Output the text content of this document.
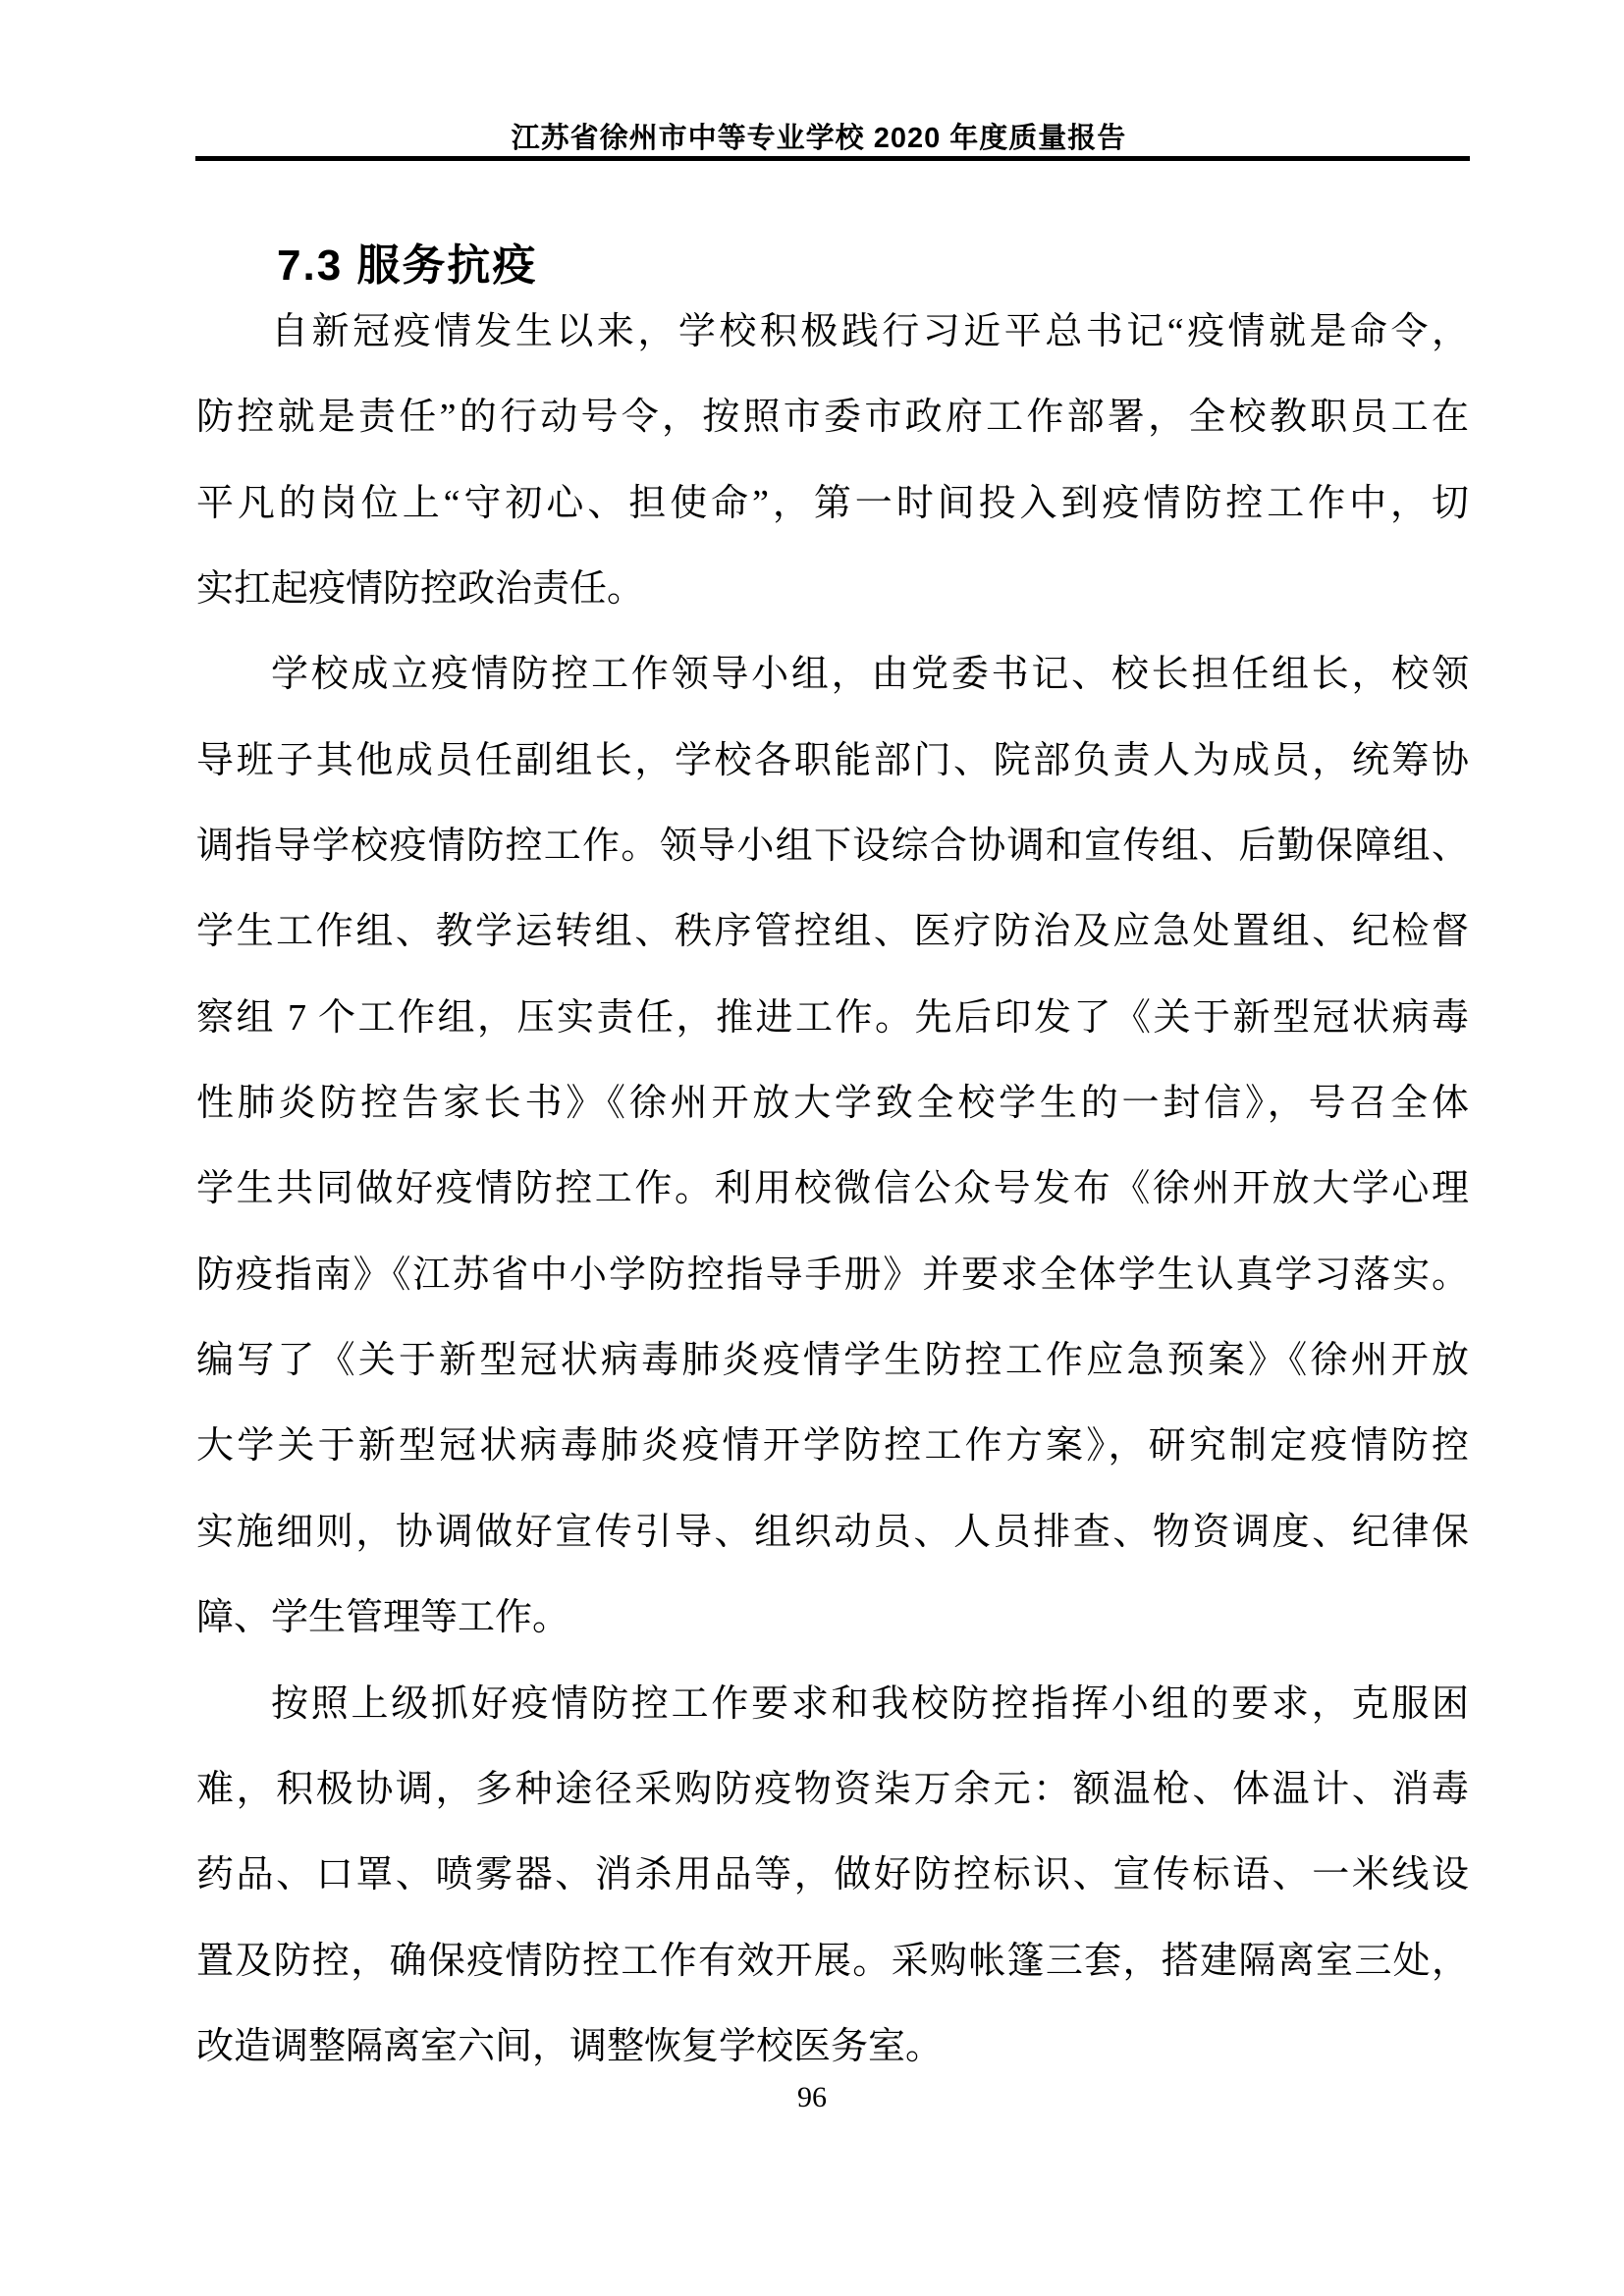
江苏省徐州市中等专业学校 2020 年度质量报告
7.3 服务抗疫
自新冠疫情发生以来，学校积极践行习近平总书记“疫情就是命令，
防控就是责任”的行动号令，按照市委市政府工作部署，全校教职员工在
平凡的岗位上“守初心、担使命”，第一时间投入到疫情防控工作中，切
实扛起疫情防控政治责任。
学校成立疫情防控工作领导小组，由党委书记、校长担任组长，校领
导班子其他成员任副组长，学校各职能部门、院部负责人为成员，统筹协
调指导学校疫情防控工作。领导小组下设综合协调和宣传组、后勤保障组、
学生工作组、教学运转组、秩序管控组、医疗防治及应急处置组、纪检督
察组 7 个工作组，压实责任，推进工作。先后印发了《关于新型冠状病毒
性肺炎防控告家长书》《徐州开放大学致全校学生的一封信》，号召全体
学生共同做好疫情防控工作。利用校微信公众号发布《徐州开放大学心理
防疫指南》《江苏省中小学防控指导手册》并要求全体学生认真学习落实。
编写了《关于新型冠状病毒肺炎疫情学生防控工作应急预案》《徐州开放
大学关于新型冠状病毒肺炎疫情开学防控工作方案》，研究制定疫情防控
实施细则，协调做好宣传引导、组织动员、人员排查、物资调度、纪律保
障、学生管理等工作。
按照上级抓好疫情防控工作要求和我校防控指挥小组的要求，克服困
难，积极协调，多种途径采购防疫物资柒万余元：额温枪、体温计、消毒
药品、口罩、喷雾器、消杀用品等，做好防控标识、宣传标语、一米线设
置及防控，确保疫情防控工作有效开展。采购帐篷三套，搭建隔离室三处，
改造调整隔离室六间，调整恢复学校医务室。
96
